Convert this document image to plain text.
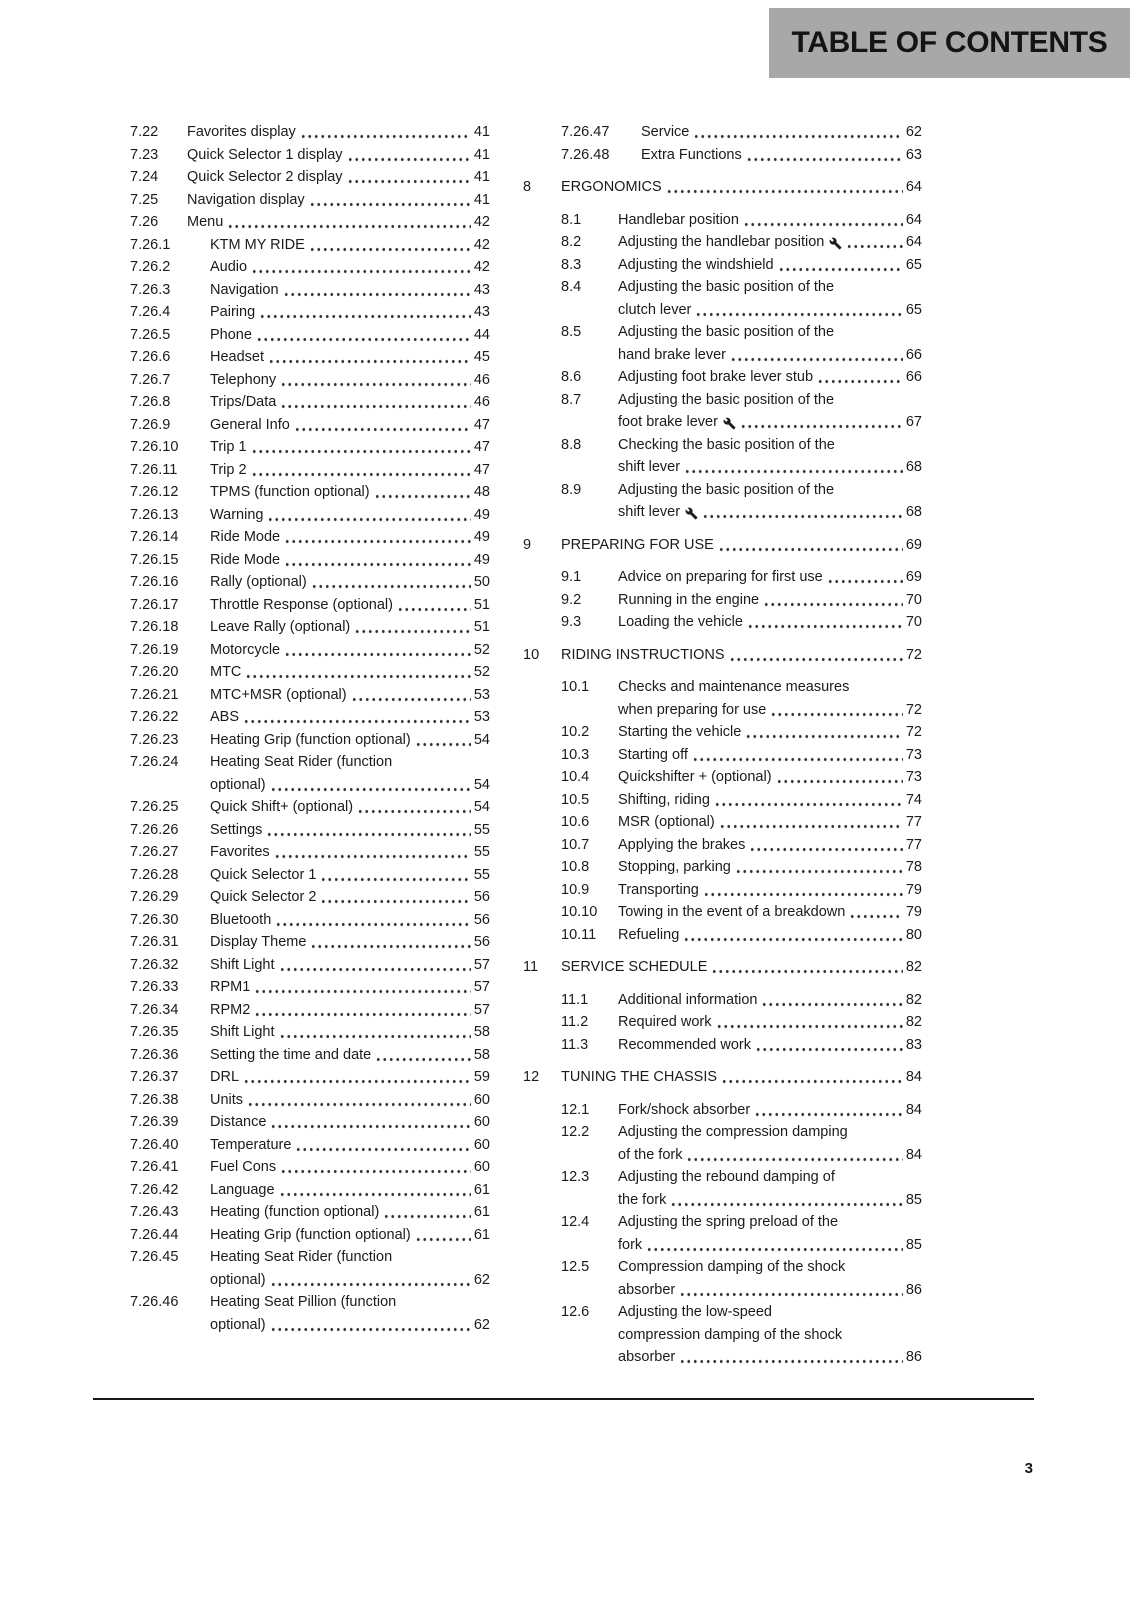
TABLE OF CONTENTS
7.22	Favorites display	41
7.23	Quick Selector 1 display	41
7.24	Quick Selector 2 display	41
7.25	Navigation display	41
7.26	Menu	42
7.26.1	KTM MY RIDE	42
7.26.2	Audio	42
7.26.3	Navigation	43
7.26.4	Pairing	43
7.26.5	Phone	44
7.26.6	Headset	45
7.26.7	Telephony	46
7.26.8	Trips/Data	46
7.26.9	General Info	47
7.26.10	Trip 1	47
7.26.11	Trip 2	47
7.26.12	TPMS (function optional)	48
7.26.13	Warning	49
7.26.14	Ride Mode	49
7.26.15	Ride Mode	49
7.26.16	Rally (optional)	50
7.26.17	Throttle Response (optional)	51
7.26.18	Leave Rally (optional)	51
7.26.19	Motorcycle	52
7.26.20	MTC	52
7.26.21	MTC+MSR (optional)	53
7.26.22	ABS	53
7.26.23	Heating Grip (function optional)	54
7.26.24	Heating Seat Rider (function
optional)	54
7.26.25	Quick Shift+ (optional)	54
7.26.26	Settings	55
7.26.27	Favorites	55
7.26.28	Quick Selector 1	55
7.26.29	Quick Selector 2	56
7.26.30	Bluetooth	56
7.26.31	Display Theme	56
7.26.32	Shift Light	57
7.26.33	RPM1	57
7.26.34	RPM2	57
7.26.35	Shift Light	58
7.26.36	Setting the time and date	58
7.26.37	DRL	59
7.26.38	Units	60
7.26.39	Distance	60
7.26.40	Temperature	60
7.26.41	Fuel Cons	60
7.26.42	Language	61
7.26.43	Heating (function optional)	61
7.26.44	Heating Grip (function optional)	61
7.26.45	Heating Seat Rider (function
optional)	62
7.26.46	Heating Seat Pillion (function
optional)	62
7.26.47	Service	62
7.26.48	Extra Functions	63
8	ERGONOMICS	64
8.1	Handlebar position	64
8.2	Adjusting the handlebar position	64
8.3	Adjusting the windshield	65
8.4	Adjusting the basic position of the
clutch lever	65
8.5	Adjusting the basic position of the
hand brake lever	66
8.6	Adjusting foot brake lever stub	66
8.7	Adjusting the basic position of the
foot brake lever	67
8.8	Checking the basic position of the
shift lever	68
8.9	Adjusting the basic position of the
shift lever	68
9	PREPARING FOR USE	69
9.1	Advice on preparing for first use	69
9.2	Running in the engine	70
9.3	Loading the vehicle	70
10	RIDING INSTRUCTIONS	72
10.1	Checks and maintenance measures
when preparing for use	72
10.2	Starting the vehicle	72
10.3	Starting off	73
10.4	Quickshifter + (optional)	73
10.5	Shifting, riding	74
10.6	MSR (optional)	77
10.7	Applying the brakes	77
10.8	Stopping, parking	78
10.9	Transporting	79
10.10	Towing in the event of a breakdown	79
10.11	Refueling	80
11	SERVICE SCHEDULE	82
11.1	Additional information	82
11.2	Required work	82
11.3	Recommended work	83
12	TUNING THE CHASSIS	84
12.1	Fork/shock absorber	84
12.2	Adjusting the compression damping
of the fork	84
12.3	Adjusting the rebound damping of
the fork	85
12.4	Adjusting the spring preload of the
fork	85
12.5	Compression damping of the shock
absorber	86
12.6	Adjusting the low-speed
compression damping of the shock
absorber	86
3
